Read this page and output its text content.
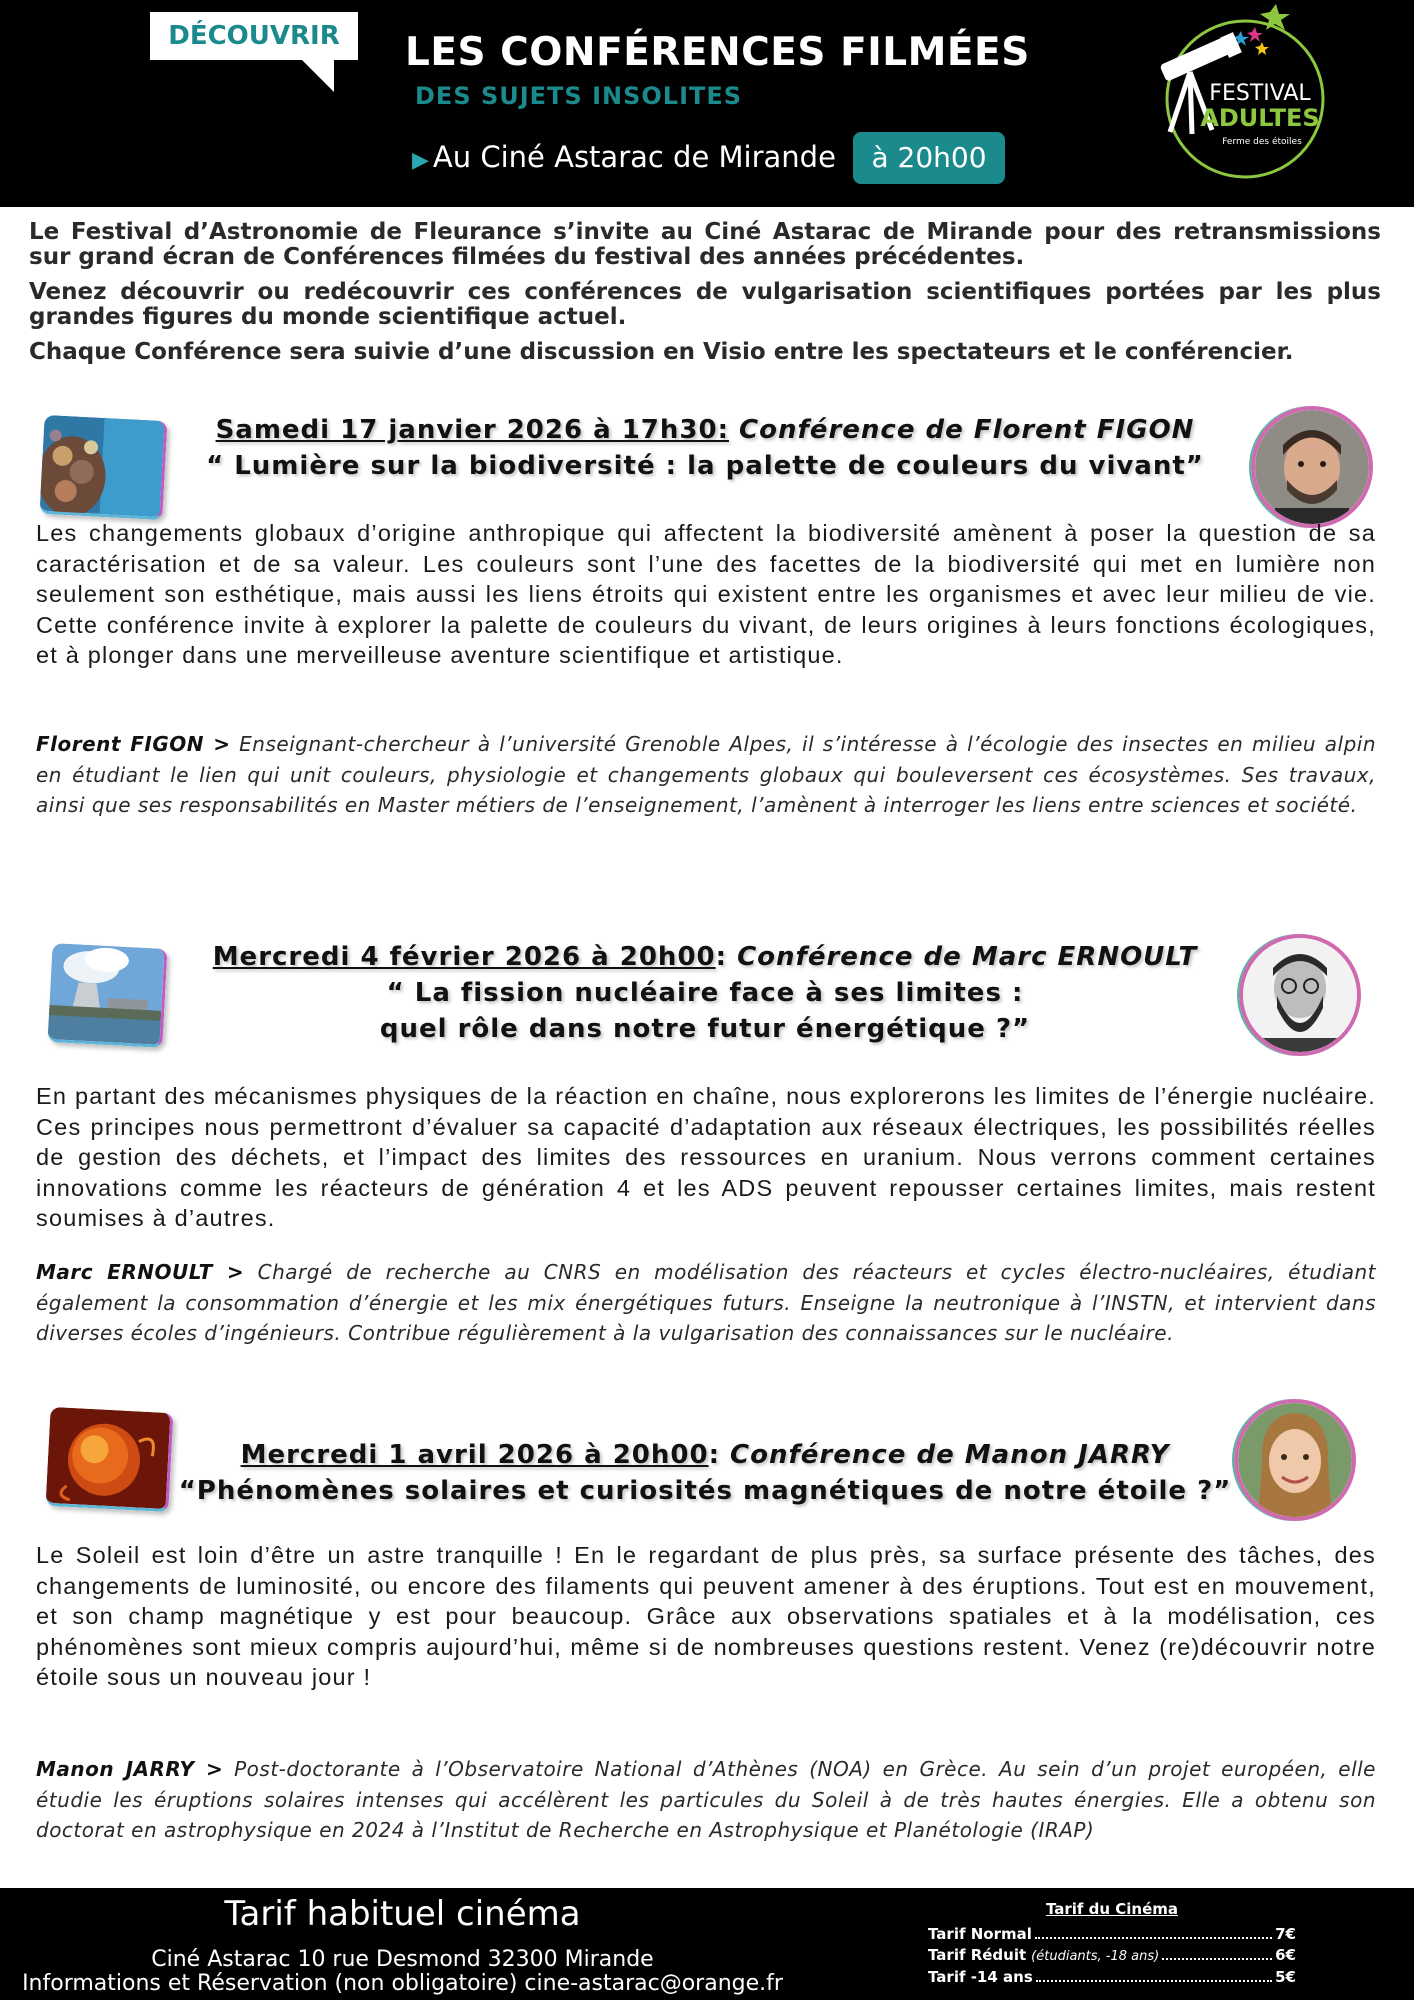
DÉCOUVRIR	LES CONFÉRENCES FILMÉES
DES SUJETS INSOLITES
▶ Au Ciné Astarac de Mirande	à 20h00
FESTIVAL
ADULTES
Ferme des étoiles

Le Festival d’Astronomie de Fleurance s’invite au Ciné Astarac de Mirande pour des retransmissions sur grand écran de Conférences filmées du festival des années précédentes.

Venez découvrir ou redécouvrir ces conférences de vulgarisation scientifiques portées par les plus grandes figures du monde scientifique actuel.

Chaque Conférence sera suivie d’une discussion en Visio entre les spectateurs et le conférencier.

Samedi 17 janvier 2026 à 17h30: Conférence de Florent FIGON
“ Lumière sur la biodiversité : la palette de couleurs du vivant”

Les changements globaux d’origine anthropique qui affectent la biodiversité amènent à poser la question de sa caractérisation et de sa valeur. Les couleurs sont l’une des facettes de la biodiversité qui met en lumière non seulement son esthétique, mais aussi les liens étroits qui existent entre les organismes et avec leur milieu de vie. Cette conférence invite à explorer la palette de couleurs du vivant, de leurs origines à leurs fonctions écologiques, et à plonger dans une merveilleuse aventure scientifique et artistique.

Florent FIGON > Enseignant-chercheur à l’université Grenoble Alpes, il s’intéresse à l’écologie des insectes en milieu alpin en étudiant le lien qui unit couleurs, physiologie et changements globaux qui bouleversent ces écosystèmes. Ses travaux, ainsi que ses responsabilités en Master métiers de l’enseignement, l’amènent à interroger les liens entre sciences et société.

Mercredi 4 février 2026 à 20h00: Conférence de Marc ERNOULT
“ La fission nucléaire face à ses limites :
quel rôle dans notre futur énergétique ?”

En partant des mécanismes physiques de la réaction en chaîne, nous explorerons les limites de l’énergie nucléaire. Ces principes nous permettront d’évaluer sa capacité d’adaptation aux réseaux électriques, les possibilités réelles de gestion des déchets, et l’impact des limites des ressources en uranium. Nous verrons comment certaines innovations comme les réacteurs de génération 4 et les ADS peuvent repousser certaines limites, mais restent soumises à d’autres.

Marc ERNOULT > Chargé de recherche au CNRS en modélisation des réacteurs et cycles électro-nucléaires, étudiant également la consommation d’énergie et les mix énergétiques futurs. Enseigne la neutronique à l’INSTN, et intervient dans diverses écoles d’ingénieurs. Contribue régulièrement à la vulgarisation des connaissances sur le nucléaire.

Mercredi 1 avril 2026 à 20h00: Conférence de Manon JARRY
“Phénomènes solaires et curiosités magnétiques de notre étoile ?”

Le Soleil est loin d’être un astre tranquille ! En le regardant de plus près, sa surface présente des tâches, des changements de luminosité, ou encore des filaments qui peuvent amener à des éruptions. Tout est en mouvement, et son champ magnétique y est pour beaucoup. Grâce aux observations spatiales et à la modélisation, ces phénomènes sont mieux compris aujourd’hui, même si de nombreuses questions restent. Venez (re)découvrir notre étoile sous un nouveau jour !

Manon JARRY > Post-doctorante à l’Observatoire National d’Athènes (NOA) en Grèce. Au sein d’un projet européen, elle étudie les éruptions solaires intenses qui accélèrent les particules du Soleil à de très hautes énergies. Elle a obtenu son doctorat en astrophysique en 2024 à l’Institut de Recherche en Astrophysique et Planétologie (IRAP)

Tarif habituel cinéma
Ciné Astarac 10 rue Desmond 32300 Mirande
Informations et Réservation (non obligatoire) cine-astarac@orange.fr
Tarif du Cinéma
Tarif Normal	7€
Tarif Réduit (étudiants, -18 ans)	6€
Tarif -14 ans	5€
